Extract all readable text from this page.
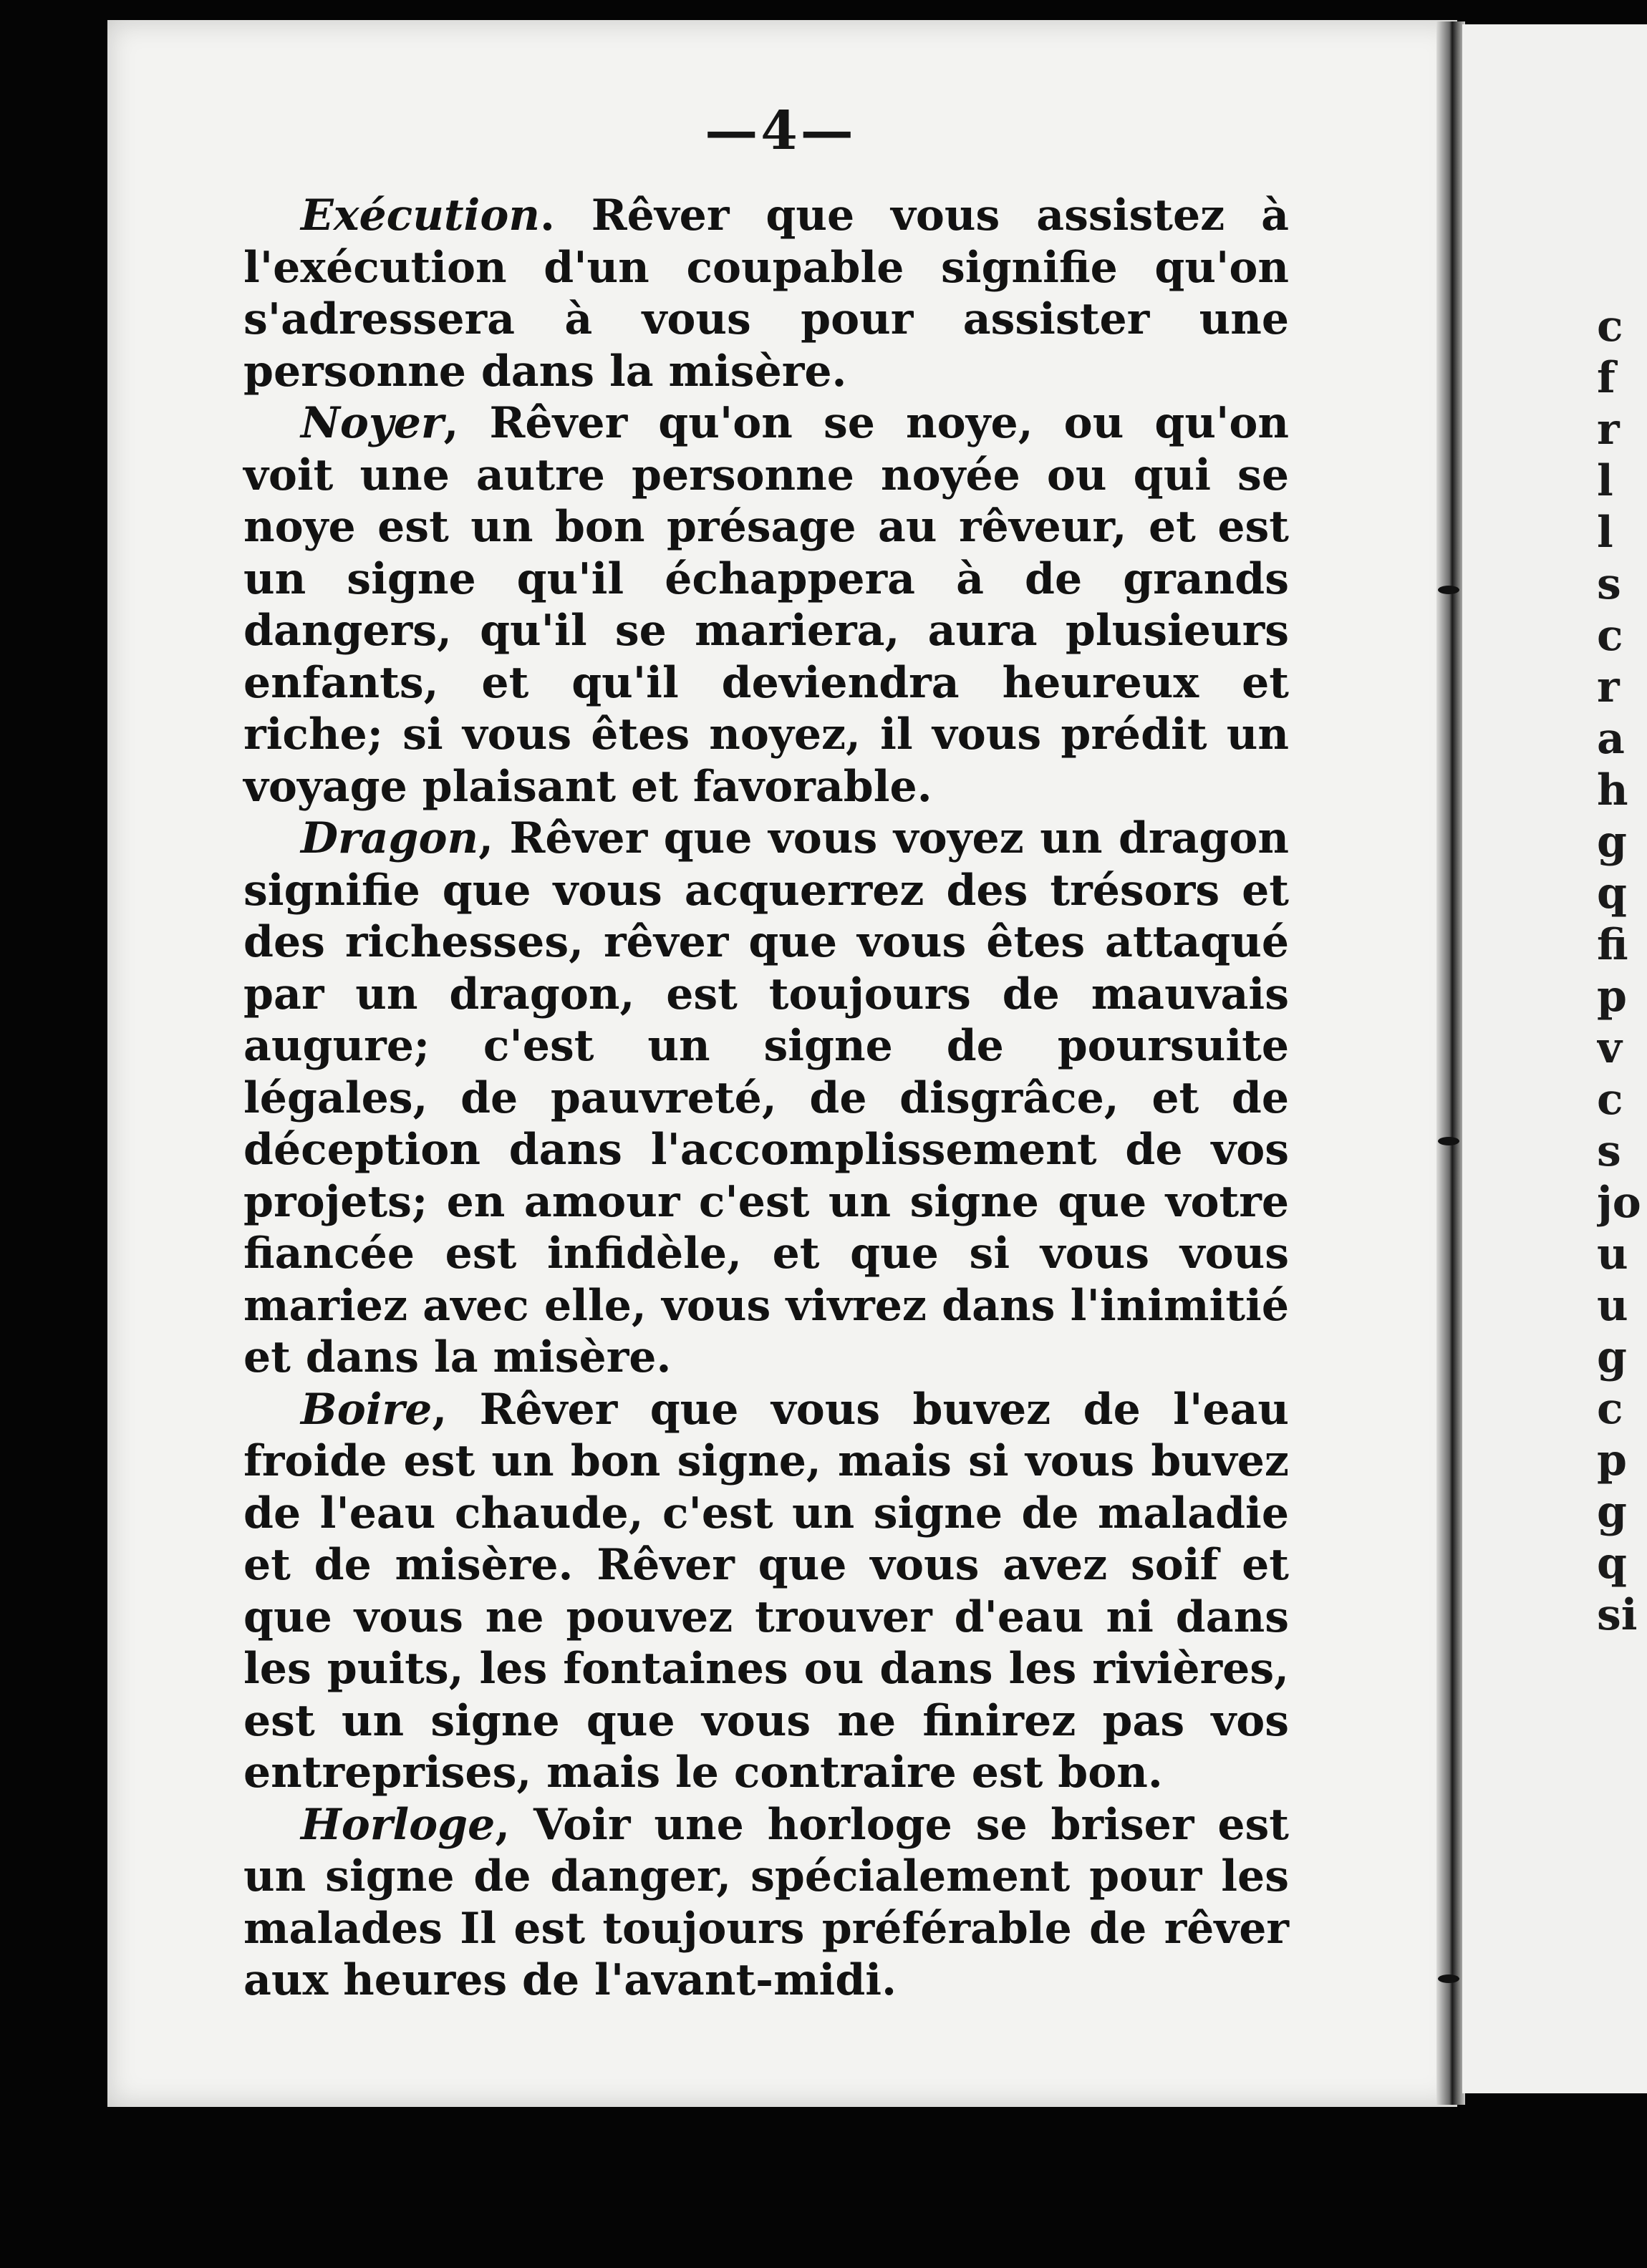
—4—

Exécution. Rêver que vous assistez à l'exécution d'un coupable signifie qu'on s'adressera à vous pour assister une personne dans la misère.

Noyer, Rêver qu'on se noye, ou qu'on voit une autre personne noyée ou qui se noye est un bon présage au rêveur, et est un signe qu'il échappera à de grands dangers, qu'il se mariera, aura plusieurs enfants, et qu'il deviendra heureux et riche; si vous êtes noyez, il vous prédit un voyage plaisant et favorable.

Dragon, Rêver que vous voyez un dragon signifie que vous acquerrez des trésors et des richesses, rêver que vous êtes attaqué par un dragon, est toujours de mauvais augure; c'est un signe de poursuite légales, de pauvreté, de disgrâce, et de déception dans l'accomplissement de vos projets; en amour c'est un signe que votre fiancée est infidèle, et que si vous vous mariez avec elle, vous vivrez dans l'inimitié et dans la misère.

Boire, Rêver que vous buvez de l'eau froide est un bon signe, mais si vous buvez de l'eau chaude, c'est un signe de maladie et de misère. Rêver que vous avez soif et que vous ne pouvez trouver d'eau ni dans les puits, les fontaines ou dans les rivières, est un signe que vous ne finirez pas vos entreprises, mais le contraire est bon.

Horloge, Voir une horloge se briser est un signe de danger, spécialement pour les malades Il est toujours préférable de rêver aux heures de l'avant-midi.

c
f
r
l
l
s
c
r
a
h
g
q
fi
p
v
c
s
jo
u
u
g
c
p
g
q
si
